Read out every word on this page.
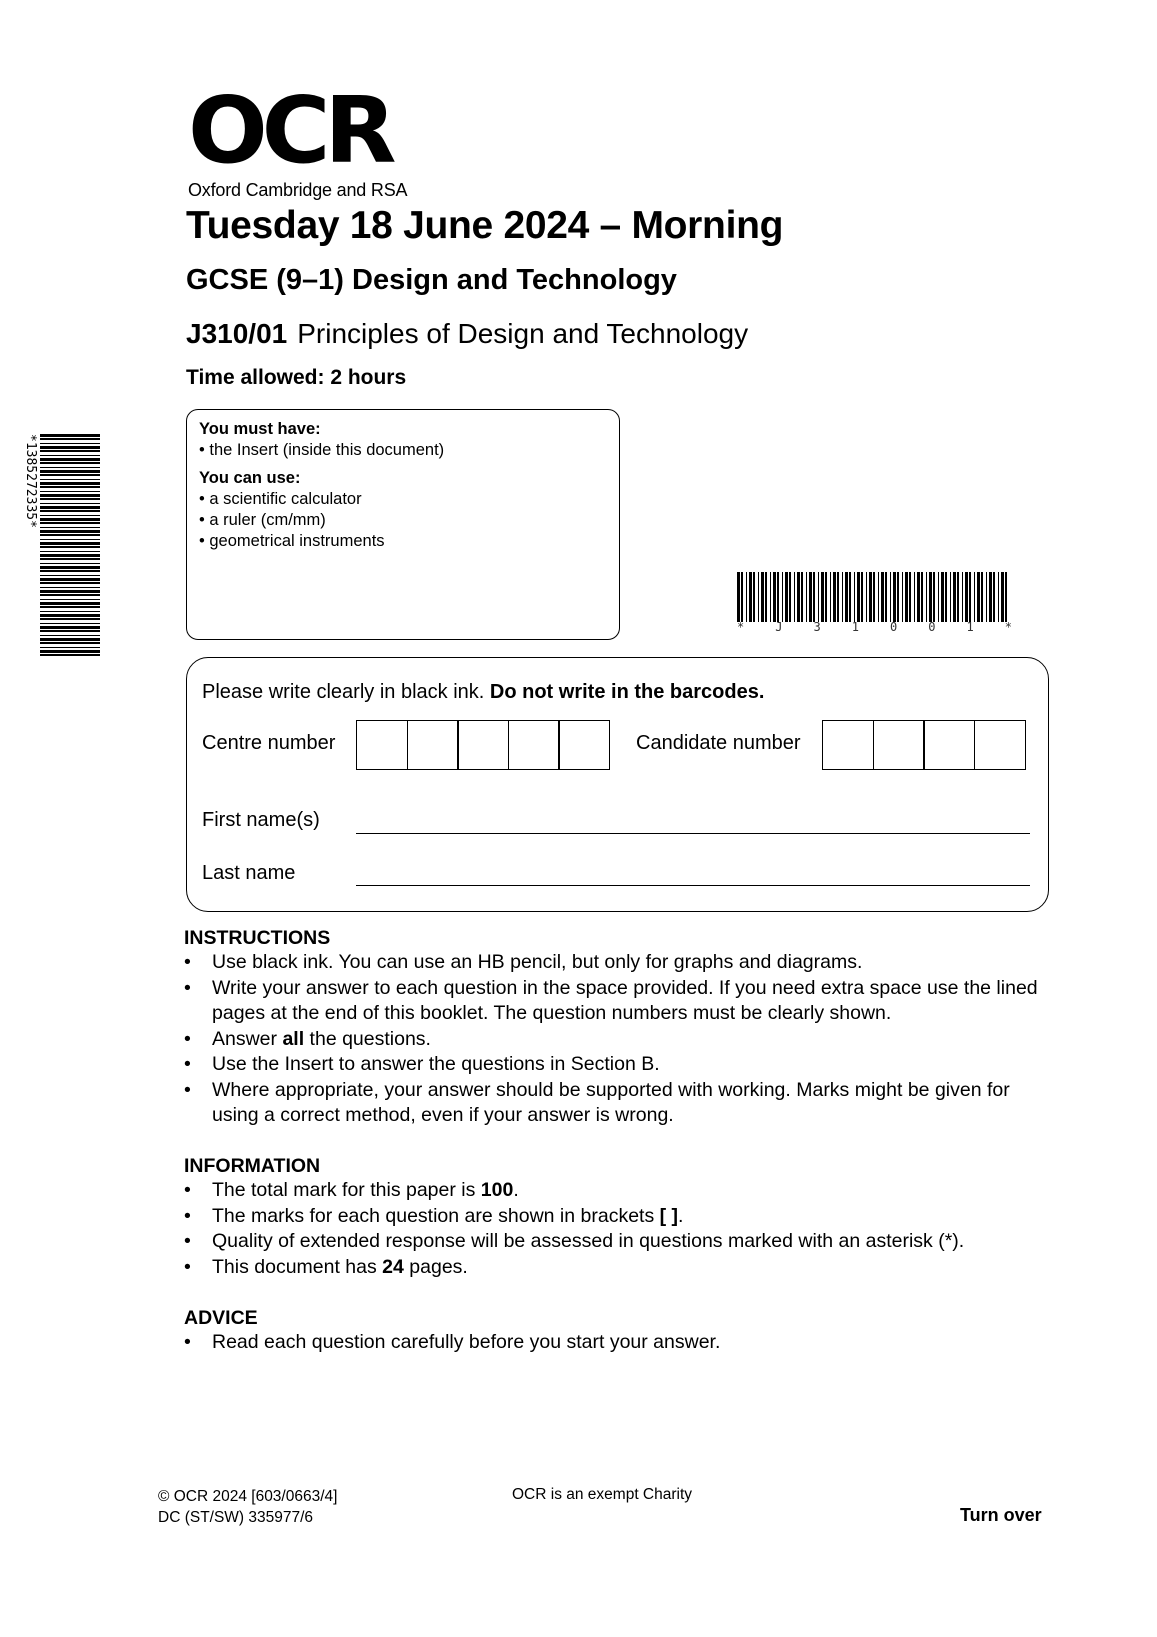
OCR
Oxford Cambridge and RSA
Tuesday 18 June 2024 – Morning
GCSE (9–1) Design and Technology
J310/01 Principles of Design and Technology
Time allowed: 2 hours
You must have:
• the Insert (inside this document)
You can use:
• a scientific calculator
• a ruler (cm/mm)
• geometrical instruments
*1385272335*
*	J	3	1	0	0	1	*
Please write clearly in black ink. Do not write in the barcodes.
Centre number	Candidate number
First name(s)
Last name
INSTRUCTIONS
•	Use black ink. You can use an HB pencil, but only for graphs and diagrams.
•	Write your answer to each question in the space provided. If you need extra space use the lined pages at the end of this booklet. The question numbers must be clearly shown.
•	Answer all the questions.
•	Use the Insert to answer the questions in Section B.
•	Where appropriate, your answer should be supported with working. Marks might be given for using a correct method, even if your answer is wrong.
INFORMATION
•	The total mark for this paper is 100.
•	The marks for each question are shown in brackets [ ].
•	Quality of extended response will be assessed in questions marked with an asterisk (*).
•	This document has 24 pages.
ADVICE
•	Read each question carefully before you start your answer.
© OCR 2024 [603/0663/4]
DC (ST/SW) 335977/6
OCR is an exempt Charity
Turn over
